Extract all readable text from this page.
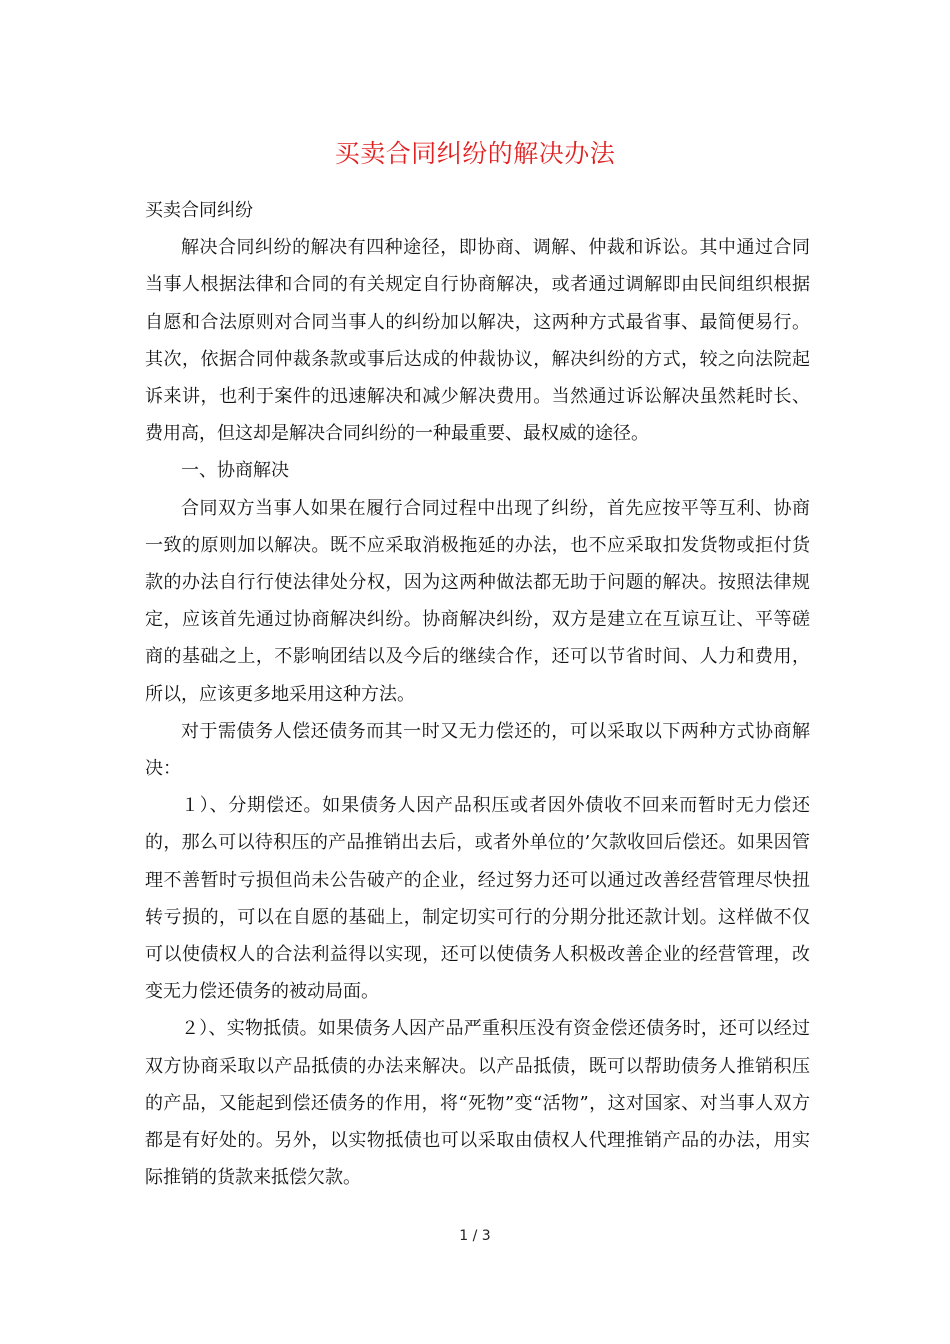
买卖合同纠纷的解决办法

买卖合同纠纷

解决合同纠纷的解决有四种途径，即协商、调解、仲裁和诉讼。其中通过合同当事人根据法律和合同的有关规定自行协商解决，或者通过调解即由民间组织根据自愿和合法原则对合同当事人的纠纷加以解决，这两种方式最省事、最简便易行。其次，依据合同仲裁条款或事后达成的仲裁协议，解决纠纷的方式，较之向法院起诉来讲，也利于案件的迅速解决和减少解决费用。当然通过诉讼解决虽然耗时长、费用高，但这却是解决合同纠纷的一种最重要、最权威的途径。

一、协商解决

合同双方当事人如果在履行合同过程中出现了纠纷，首先应按平等互利、协商一致的原则加以解决。既不应采取消极拖延的办法，也不应采取扣发货物或拒付货款的办法自行行使法律处分权，因为这两种做法都无助于问题的解决。按照法律规定，应该首先通过协商解决纠纷。协商解决纠纷，双方是建立在互谅互让、平等磋商的基础之上，不影响团结以及今后的继续合作，还可以节省时间、人力和费用，所以，应该更多地采用这种方法。

对于需债务人偿还债务而其一时又无力偿还的，可以采取以下两种方式协商解决：

１）、分期偿还。如果债务人因产品积压或者因外债收不回来而暂时无力偿还的，那么可以待积压的产品推销出去后，或者外单位的’欠款收回后偿还。如果因管理不善暂时亏损但尚未公告破产的企业，经过努力还可以通过改善经营管理尽快扭转亏损的，可以在自愿的基础上，制定切实可行的分期分批还款计划。这样做不仅可以使债权人的合法利益得以实现，还可以使债务人积极改善企业的经营管理，改变无力偿还债务的被动局面。

２）、实物抵债。如果债务人因产品严重积压没有资金偿还债务时，还可以经过双方协商采取以产品抵债的办法来解决。以产品抵债，既可以帮助债务人推销积压的产品，又能起到偿还债务的作用，将“死物”变“活物”，这对国家、对当事人双方都是有好处的。另外，以实物抵债也可以采取由债权人代理推销产品的办法，用实际推销的货款来抵偿欠款。

1 / 3
